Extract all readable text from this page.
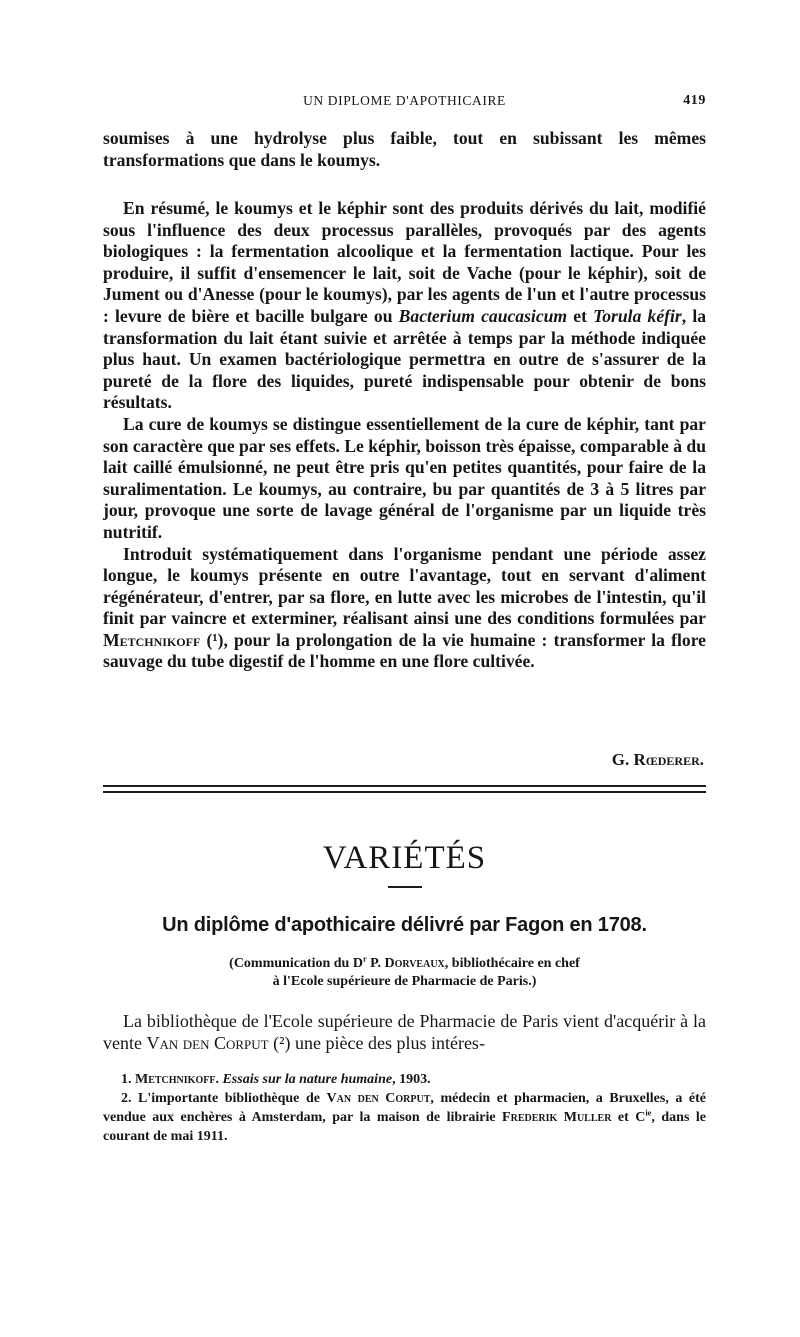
UN DIPLOME D'APOTHICAIRE	419

soumises à une hydrolyse plus faible, tout en subissant les mêmes transformations que dans le koumys.

En résumé, le koumys et le képhir sont des produits dérivés du lait, modifié sous l'influence des deux processus parallèles, provoqués par des agents biologiques : la fermentation alcoolique et la fermentation lactique. Pour les produire, il suffit d'ensemencer le lait, soit de Vache (pour le képhir), soit de Jument ou d'Anesse (pour le koumys), par les agents de l'un et l'autre processus : levure de bière et bacille bulgare ou Bacterium caucasicum et Torula kéfir, la transformation du lait étant suivie et arrêtée à temps par la méthode indiquée plus haut. Un examen bactériologique permettra en outre de s'assurer de la pureté de la flore des liquides, pureté indispensable pour obtenir de bons résultats.

La cure de koumys se distingue essentiellement de la cure de képhir, tant par son caractère que par ses effets. Le képhir, boisson très épaisse, comparable à du lait caillé émulsionné, ne peut être pris qu'en petites quantités, pour faire de la suralimentation. Le koumys, au contraire, bu par quantités de 3 à 5 litres par jour, provoque une sorte de lavage général de l'organisme par un liquide très nutritif.

Introduit systématiquement dans l'organisme pendant une période assez longue, le koumys présente en outre l'avantage, tout en servant d'aliment régénérateur, d'entrer, par sa flore, en lutte avec les microbes de l'intestin, qu'il finit par vaincre et exterminer, réalisant ainsi une des conditions formulées par Metchnikoff (¹), pour la prolongation de la vie humaine : transformer la flore sauvage du tube digestif de l'homme en une flore cultivée.

G. Rœderer.
VARIÉTÉS
Un diplôme d'apothicaire délivré par Fagon en 1708.
(Communication du $D^r$ P. Dorveaux, bibliothécaire en chef
à l'Ecole supérieure de Pharmacie de Paris.)
La bibliothèque de l'Ecole supérieure de Pharmacie de Paris vient d'acquérir à la vente Van den Corput (²) une pièce des plus intéres-

1. Metchnikoff. Essais sur la nature humaine, 1903.

2. L'importante bibliothèque de Van den Corput, médecin et pharmacien, a Bruxelles, a été vendue aux enchères à Amsterdam, par la maison de librairie Frederik Muller et $C^{ie}$, dans le courant de mai 1911.
